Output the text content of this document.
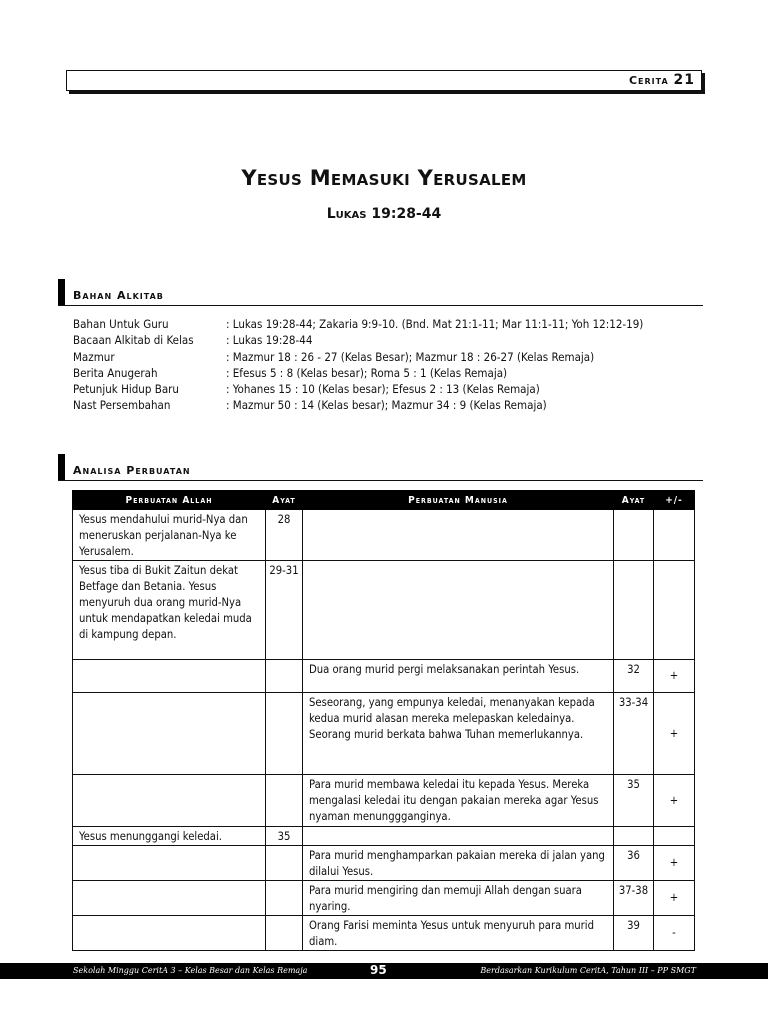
Cerita 21
Yesus Memasuki Yerusalem
Lukas 19:28-44
Bahan Alkitab
Bahan Untuk Guru	: Lukas 19:28-44; Zakaria 9:9-10. (Bnd. Mat 21:1-11; Mar 11:1-11; Yoh 12:12-19)
Bacaan Alkitab di Kelas	: Lukas 19:28-44
Mazmur	: Mazmur 18 : 26 - 27 (Kelas Besar); Mazmur 18 : 26-27 (Kelas Remaja)
Berita Anugerah	: Efesus 5 : 8 (Kelas besar); Roma 5 : 1 (Kelas Remaja)
Petunjuk Hidup Baru	: Yohanes 15 : 10 (Kelas besar); Efesus 2 : 13 (Kelas Remaja)
Nast Persembahan	: Mazmur 50 : 14 (Kelas besar); Mazmur 34 : 9 (Kelas Remaja)
Analisa Perbuatan
Perbuatan Allah	Ayat	Perbuatan Manusia	Ayat	+/-
Yesus mendahului murid-Nya dan meneruskan perjalanan-Nya ke Yerusalem.	28			
Yesus tiba di Bukit Zaitun dekat Betfage dan Betania. Yesus menyuruh dua orang murid-Nya untuk mendapatkan keledai muda di kampung depan.	29-31			
		Dua orang murid pergi melaksanakan perintah Yesus.	32	+
		Seseorang, yang empunya keledai, menanyakan kepada kedua murid alasan mereka melepaskan keledainya. Seorang murid berkata bahwa Tuhan memerlukannya.	33-34	+
		Para murid membawa keledai itu kepada Yesus. Mereka mengalasi keledai itu dengan pakaian mereka agar Yesus nyaman menunggganginya.	35	+
Yesus menunggangi keledai.	35			
		Para murid menghamparkan pakaian mereka di jalan yang dilalui Yesus.	36	+
		Para murid mengiring dan memuji Allah dengan suara nyaring.	37-38	+
		Orang Farisi meminta Yesus untuk menyuruh para murid diam.	39	-
Sekolah Minggu CeritA 3 – Kelas Besar dan Kelas Remaja	95	Berdasarkan Kurikulum CeritA, Tahun III – PP SMGT
